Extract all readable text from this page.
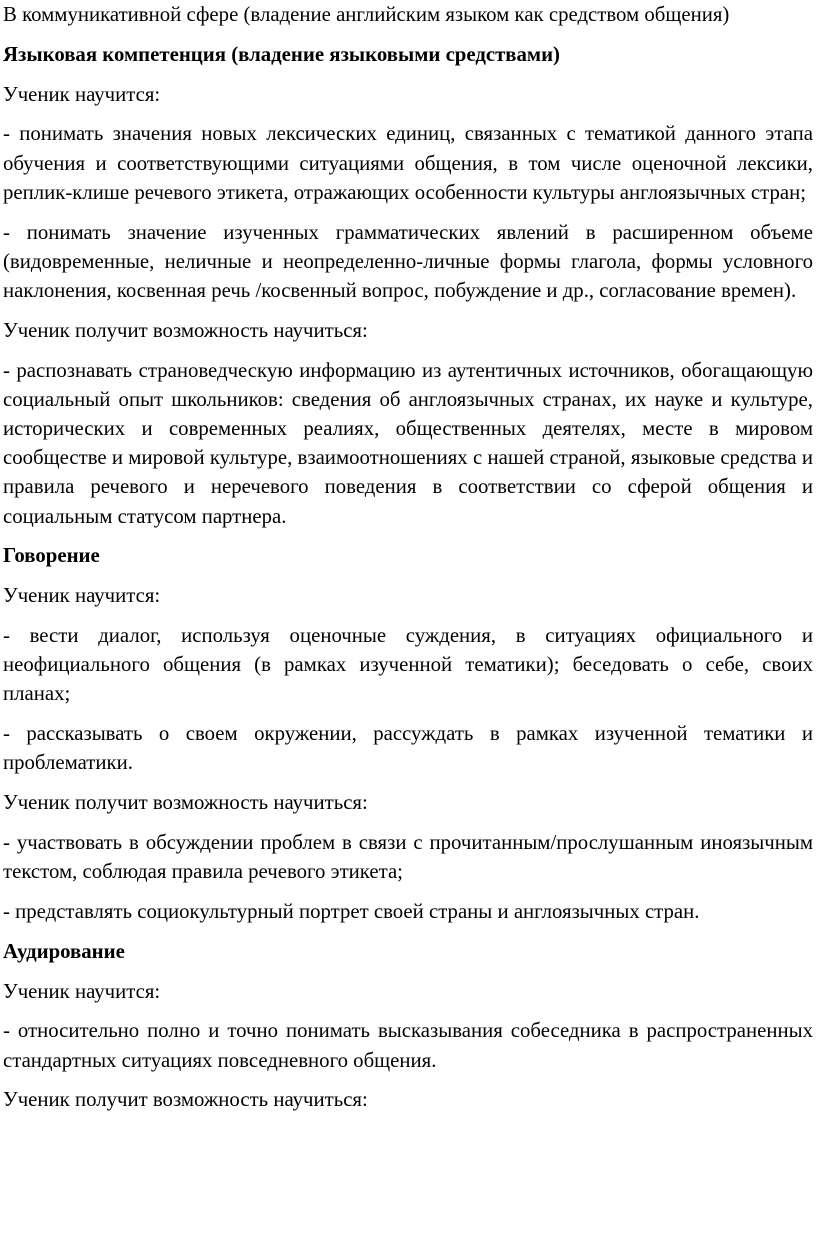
В коммуникативной сфере (владение английским языком как средством общения)

Языковая компетенция (владение языковыми средствами)

Ученик научится:

- понимать значения новых лексических единиц, связанных с тематикой данного этапа обучения и соответствующими ситуациями общения, в том числе оценочной лексики, реплик-клише речевого этикета, отражающих особенности культуры англоязычных стран;

- понимать значение изученных грамматических явлений в расширенном объеме (видовременные, неличные и неопределенно-личные формы глагола, формы условного наклонения, косвенная речь /косвенный вопрос, побуждение и др., согласование времен).

Ученик получит возможность научиться:

- распознавать страноведческую информацию из аутентичных источников, обогащающую социальный опыт школьников: сведения об англоязычных странах, их науке и культуре, исторических и современных реалиях, общественных деятелях, месте в мировом сообществе и мировой культуре, взаимоотношениях с нашей страной, языковые средства и правила речевого и неречевого поведения в соответствии со сферой общения и социальным статусом партнера.

Говорение

Ученик научится:

- вести диалог, используя оценочные суждения, в ситуациях официального и неофициального общения (в рамках изученной тематики); беседовать о себе, своих планах;

- рассказывать о своем окружении, рассуждать в рамках изученной тематики и проблематики.

Ученик получит возможность научиться:

- участвовать в обсуждении проблем в связи с прочитанным/прослушанным иноязычным текстом, соблюдая правила речевого этикета;

- представлять социокультурный портрет своей страны и англоязычных стран.

Аудирование

Ученик научится:

- относительно полно и точно понимать высказывания собеседника в распространенных стандартных ситуациях повседневного общения.

Ученик получит возможность научиться:
